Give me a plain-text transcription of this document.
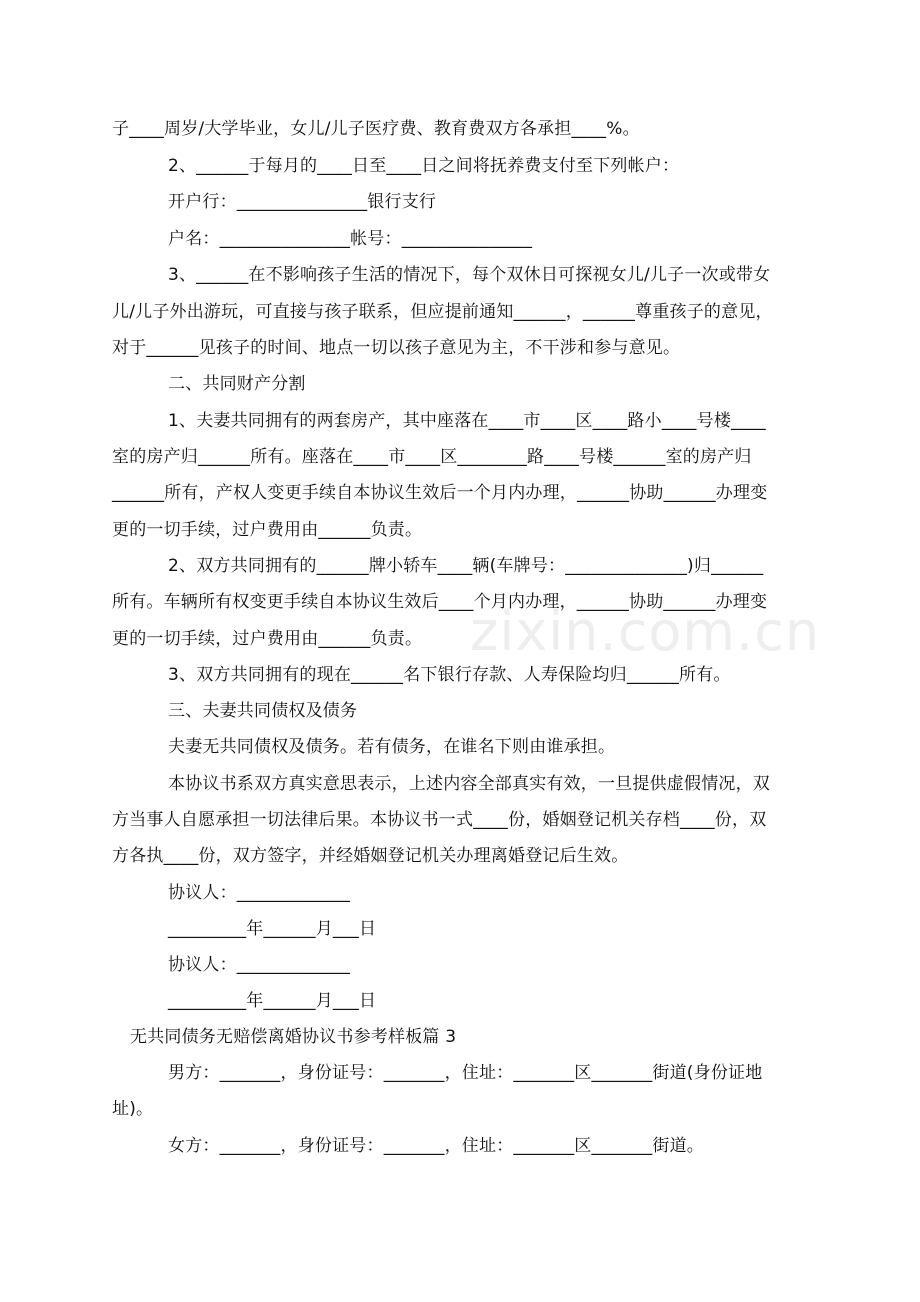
子____周岁/大学毕业，女儿/儿子医疗费、教育费双方各承担____%。
2、______于每月的____日至____日之间将抚养费支付至下列帐户：
开户行：_______________银行支行
户名：_______________帐号：_______________
3、______在不影响孩子生活的情况下，每个双休日可探视女儿/儿子一次或带女
儿/儿子外出游玩，可直接与孩子联系，但应提前通知______，______尊重孩子的意见，
对于______见孩子的时间、地点一切以孩子意见为主，不干涉和参与意见。
二、共同财产分割
1、夫妻共同拥有的两套房产，其中座落在____市____区____路小____号楼____
室的房产归______所有。座落在____市____区________路____号楼______室的房产归
______所有，产权人变更手续自本协议生效后一个月内办理，______协助______办理变
更的一切手续，过户费用由______负责。
2、双方共同拥有的______牌小轿车____辆(车牌号：______________)归______
所有。车辆所有权变更手续自本协议生效后____个月内办理，______协助______办理变
更的一切手续，过户费用由______负责。
3、双方共同拥有的现在______名下银行存款、人寿保险均归______所有。
三、夫妻共同债权及债务
夫妻无共同债权及债务。若有债务，在谁名下则由谁承担。
本协议书系双方真实意思表示，上述内容全部真实有效，一旦提供虚假情况，双
方当事人自愿承担一切法律后果。本协议书一式____份，婚姻登记机关存档____份，双
方各执____份，双方签字，并经婚姻登记机关办理离婚登记后生效。
协议人：_____________
_________年______月___日
协议人：_____________
_________年______月___日
无共同债务无赔偿离婚协议书参考样板篇 3
男方：_______，身份证号：_______，住址：_______区_______街道(身份证地
址)。
女方：_______，身份证号：_______，住址：_______区_______街道。
zixin.com.cn
